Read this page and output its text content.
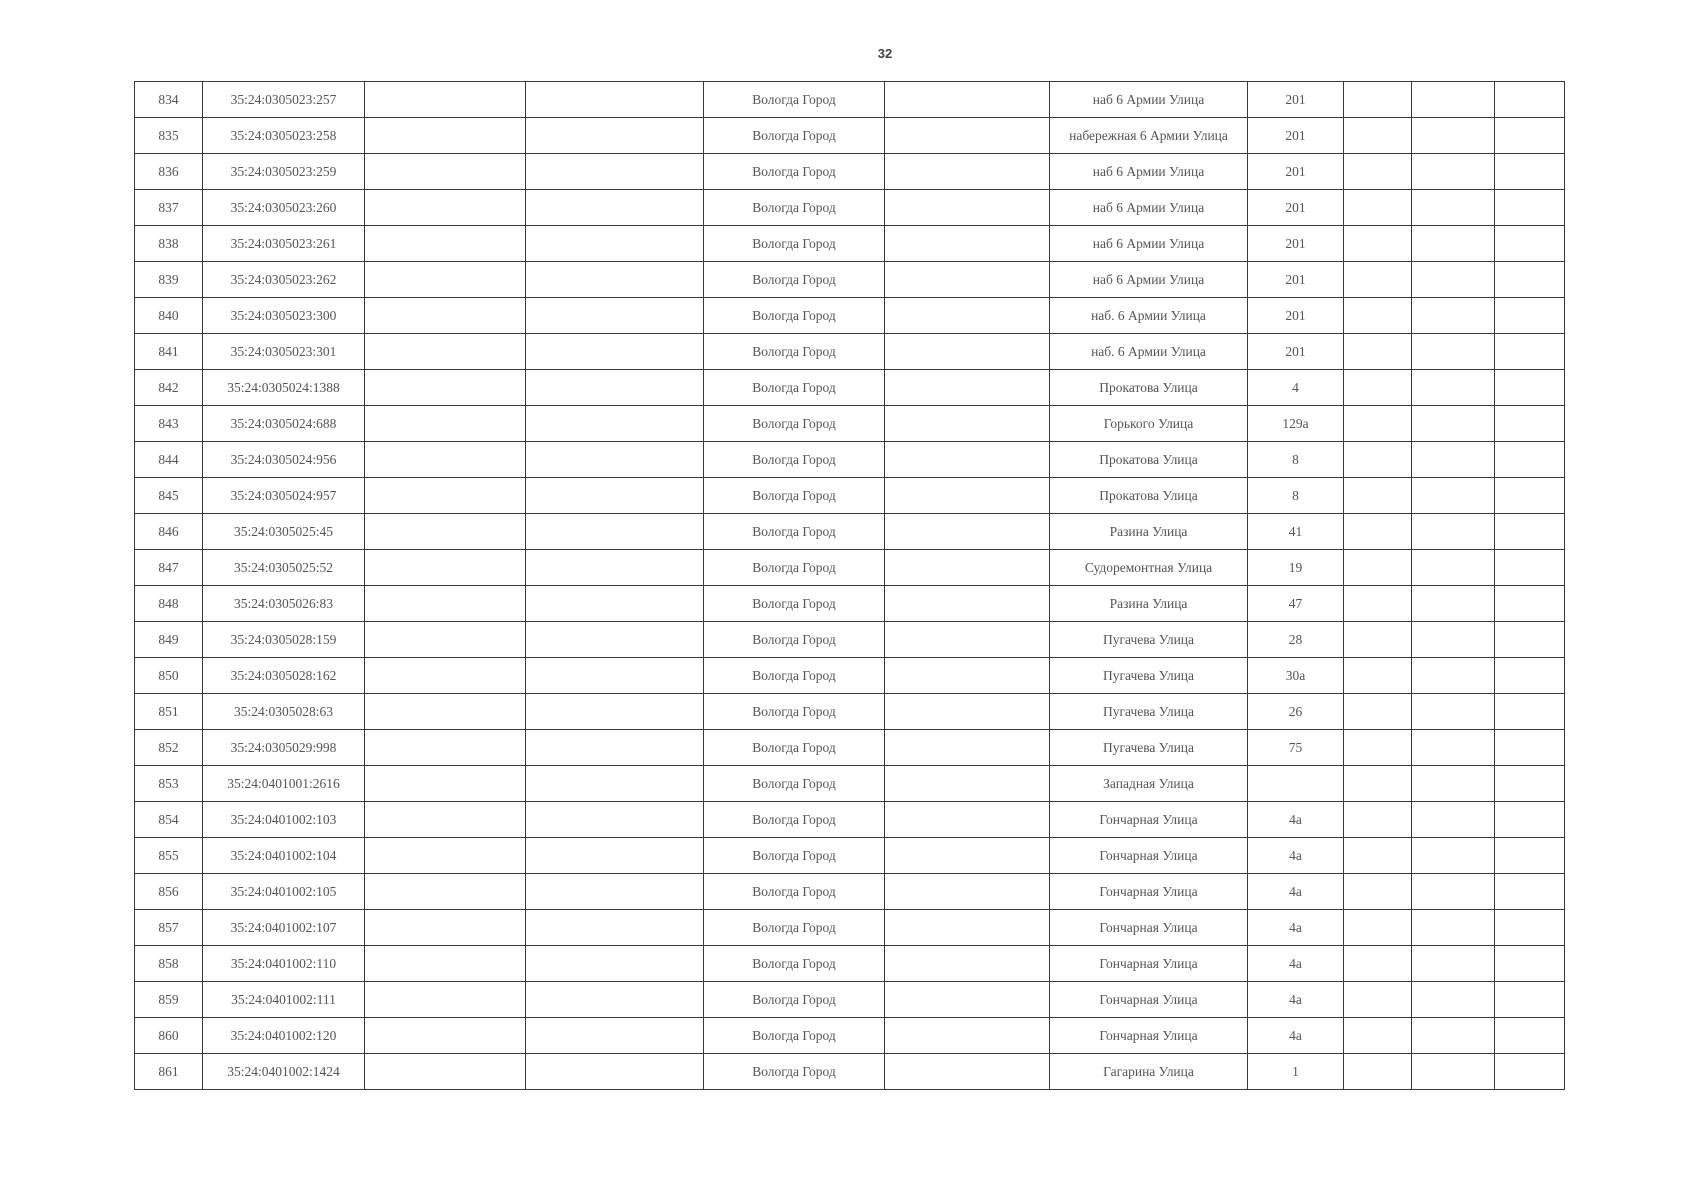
32
834	35:24:0305023:257			Вологда Город		наб 6 Армии Улица	201			
835	35:24:0305023:258			Вологда Город		набережная 6 Армии Улица	201			
836	35:24:0305023:259			Вологда Город		наб 6 Армии Улица	201			
837	35:24:0305023:260			Вологда Город		наб 6 Армии Улица	201			
838	35:24:0305023:261			Вологда Город		наб 6 Армии Улица	201			
839	35:24:0305023:262			Вологда Город		наб 6 Армии Улица	201			
840	35:24:0305023:300			Вологда Город		наб. 6 Армии Улица	201			
841	35:24:0305023:301			Вологда Город		наб. 6 Армии Улица	201			
842	35:24:0305024:1388			Вологда Город		Прокатова Улица	4			
843	35:24:0305024:688			Вологда Город		Горького Улица	129а			
844	35:24:0305024:956			Вологда Город		Прокатова Улица	8			
845	35:24:0305024:957			Вологда Город		Прокатова Улица	8			
846	35:24:0305025:45			Вологда Город		Разина Улица	41			
847	35:24:0305025:52			Вологда Город		Судоремонтная Улица	19			
848	35:24:0305026:83			Вологда Город		Разина Улица	47			
849	35:24:0305028:159			Вологда Город		Пугачева Улица	28			
850	35:24:0305028:162			Вологда Город		Пугачева Улица	30а			
851	35:24:0305028:63			Вологда Город		Пугачева Улица	26			
852	35:24:0305029:998			Вологда Город		Пугачева Улица	75			
853	35:24:0401001:2616			Вологда Город		Западная Улица				
854	35:24:0401002:103			Вологда Город		Гончарная Улица	4а			
855	35:24:0401002:104			Вологда Город		Гончарная Улица	4а			
856	35:24:0401002:105			Вологда Город		Гончарная Улица	4а			
857	35:24:0401002:107			Вологда Город		Гончарная Улица	4а			
858	35:24:0401002:110			Вологда Город		Гончарная Улица	4а			
859	35:24:0401002:111			Вологда Город		Гончарная Улица	4а			
860	35:24:0401002:120			Вологда Город		Гончарная Улица	4а			
861	35:24:0401002:1424			Вологда Город		Гагарина Улица	1			
